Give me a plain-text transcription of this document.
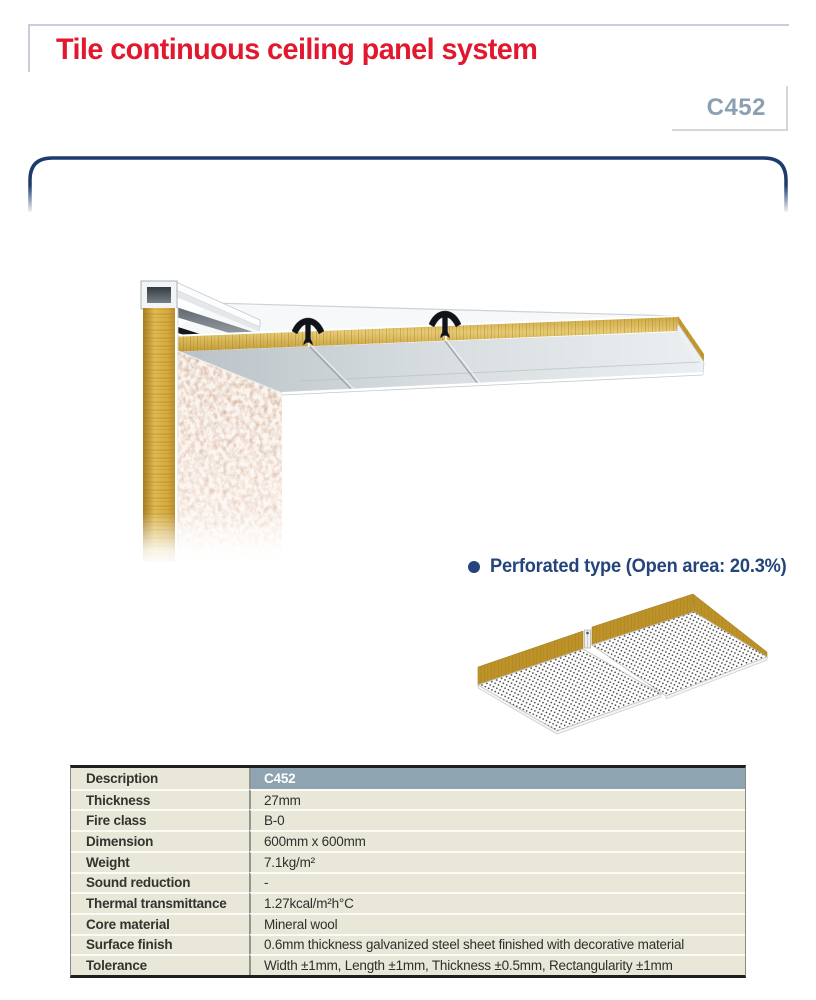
Tile continuous ceiling panel system
C452
Perforated type (Open area: 20.3%)
Description	C452
Thickness	27mm
Fire class	B-0
Dimension	600mm x 600mm
Weight	7.1kg/m²
Sound reduction	-
Thermal transmittance	1.27kcal/m²h°C
Core material	Mineral wool
Surface finish	0.6mm thickness galvanized steel sheet finished with decorative material
Tolerance	Width ±1mm, Length ±1mm, Thickness ±0.5mm, Rectangularity ±1mm
